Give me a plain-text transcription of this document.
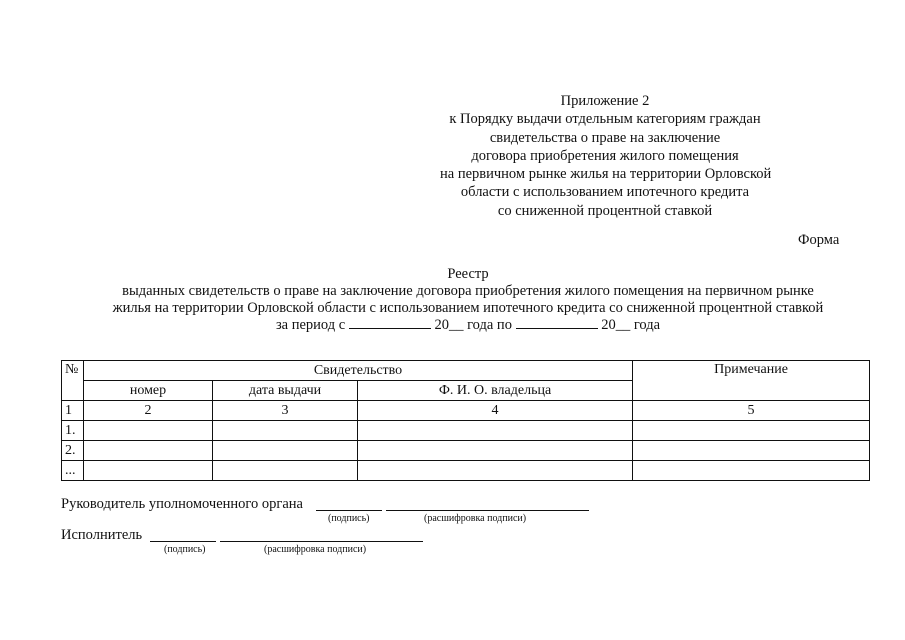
Приложение 2
к Порядку выдачи отдельным категориям граждан
свидетельства о праве на заключение
договора приобретения жилого помещения
на первичном рынке жилья на территории Орловской
области с использованием ипотечного кредита
со сниженной процентной ставкой
Форма
Реестр
выданных свидетельств о праве на заключение договора приобретения жилого помещения на первичном рынке
жилья на территории Орловской области с использованием ипотечного кредита со сниженной процентной ставкой
за период с	20__ года по	20__ года
№	Свидетельство			Примечание
	номер	дата выдачи	Ф. И. О. владельца	
1	2	3	4	5
1.				
2.				
...				
Руководитель уполномоченного органа
(подпись)	(расшифровка подписи)
Исполнитель
(подпись)	(расшифровка подписи)
